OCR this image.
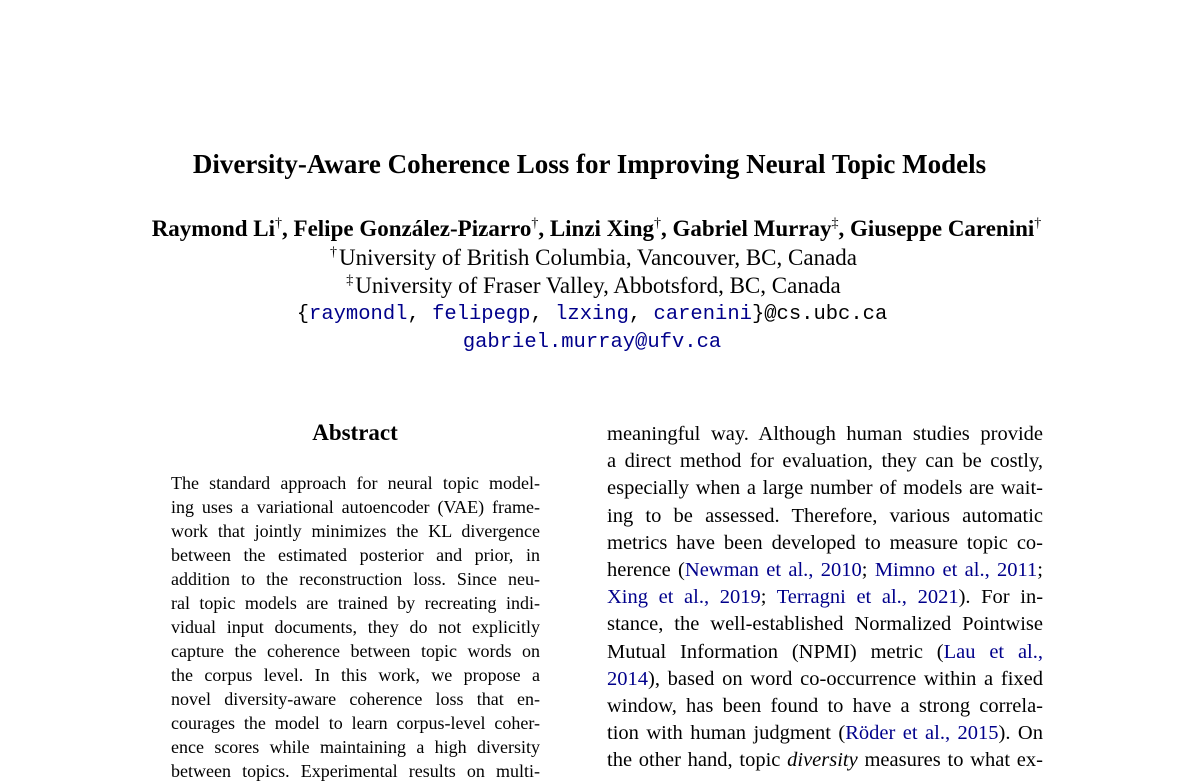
Diversity-Aware Coherence Loss for Improving Neural Topic Models
Raymond Li†, Felipe González-Pizarro†, Linzi Xing†, Gabriel Murray‡, Giuseppe Carenini†
†University of British Columbia, Vancouver, BC, Canada
‡University of Fraser Valley, Abbotsford, BC, Canada
{raymondl, felipegp, lzxing, carenini}@cs.ubc.ca
gabriel.murray@ufv.ca
Abstract
The standard approach for neural topic model-
ing uses a variational autoencoder (VAE) frame-
work that jointly minimizes the KL divergence
between the estimated posterior and prior, in
addition to the reconstruction loss. Since neu-
ral topic models are trained by recreating indi-
vidual input documents, they do not explicitly
capture the coherence between topic words on
the corpus level. In this work, we propose a
novel diversity-aware coherence loss that en-
courages the model to learn corpus-level coher-
ence scores while maintaining a high diversity
between topics. Experimental results on multi-
meaningful way. Although human studies provide
a direct method for evaluation, they can be costly,
especially when a large number of models are wait-
ing to be assessed. Therefore, various automatic
metrics have been developed to measure topic co-
herence (Newman et al., 2010; Mimno et al., 2011;
Xing et al., 2019; Terragni et al., 2021). For in-
stance, the well-established Normalized Pointwise
Mutual Information (NPMI) metric (Lau et al.,
2014), based on word co-occurrence within a fixed
window, has been found to have a strong correla-
tion with human judgment (Röder et al., 2015). On
the other hand, topic diversity measures to what ex-
